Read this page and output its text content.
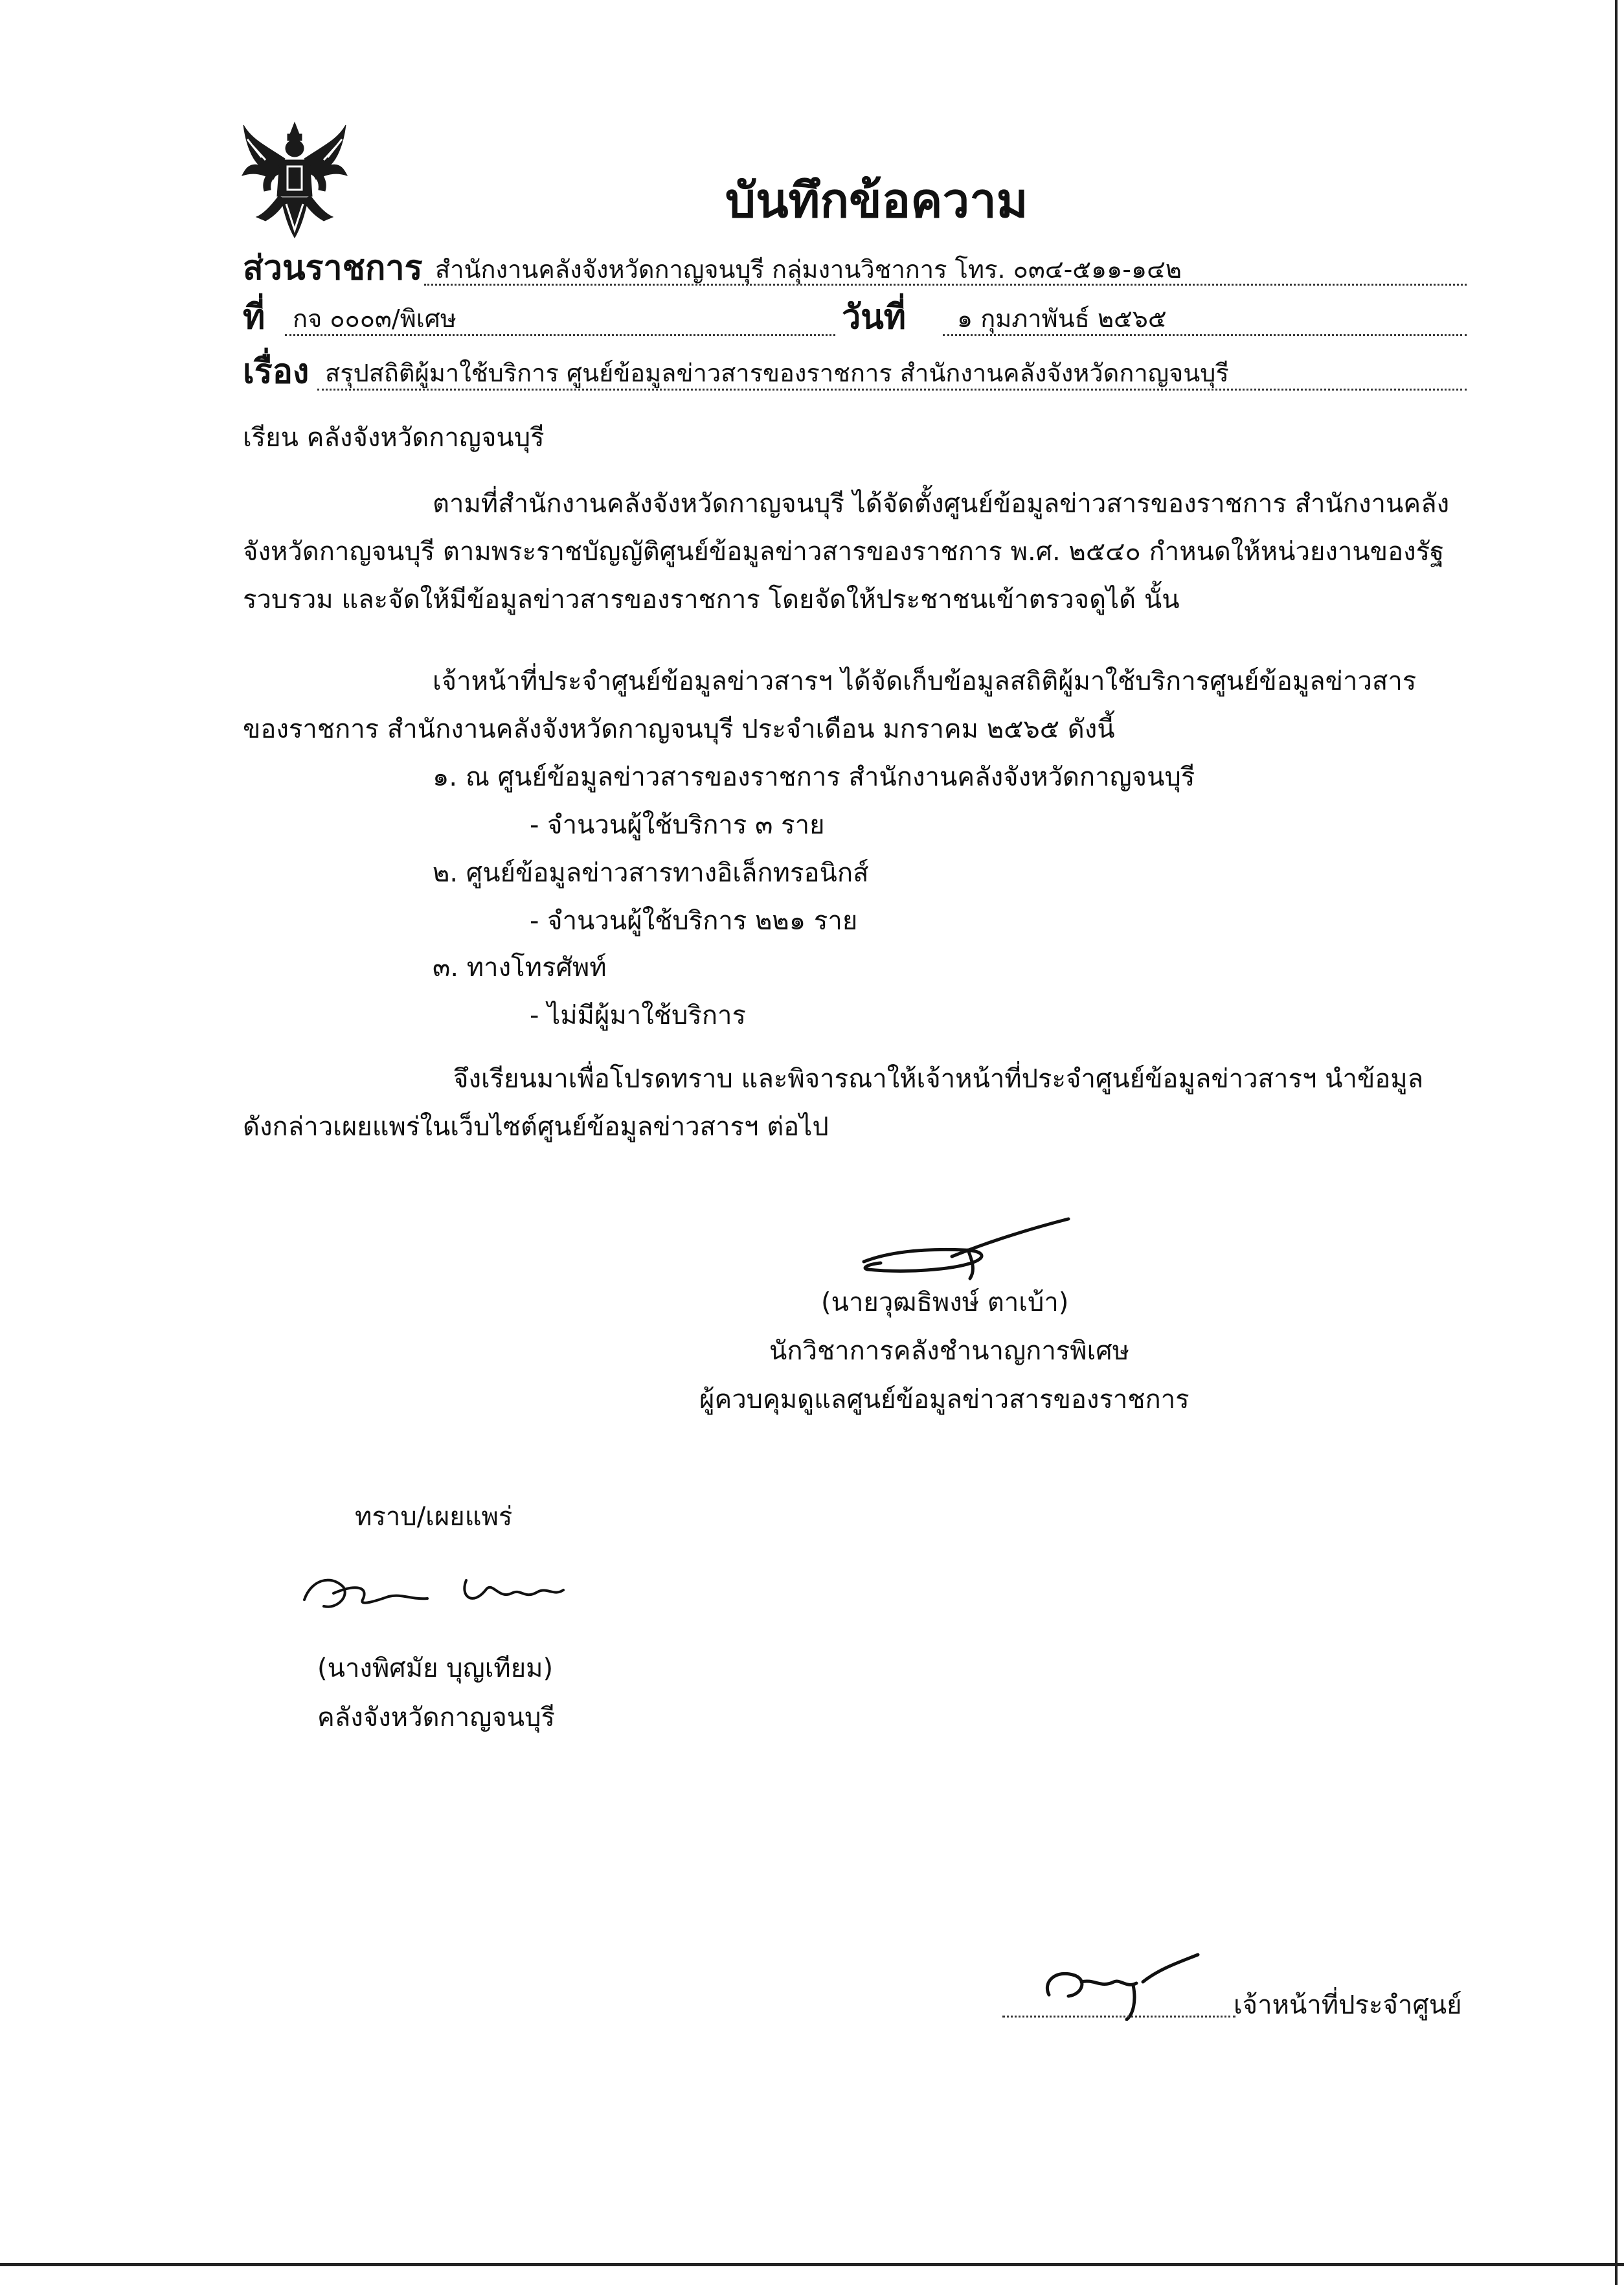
บันทึกข้อความ
ส่วนราชการ สำนักงานคลังจังหวัดกาญจนบุรี กลุ่มงานวิชาการ โทร. ๐๓๔-๕๑๑-๑๔๒
ที่ กจ ๐๐๐๓/พิเศษ	วันที่ ๑ กุมภาพันธ์ ๒๕๖๕
เรื่อง สรุปสถิติผู้มาใช้บริการ ศูนย์ข้อมูลข่าวสารของราชการ สำนักงานคลังจังหวัดกาญจนบุรี
เรียน คลังจังหวัดกาญจนบุรี
ตามที่สำนักงานคลังจังหวัดกาญจนบุรี ได้จัดตั้งศูนย์ข้อมูลข่าวสารของราชการ สำนักงานคลัง
จังหวัดกาญจนบุรี ตามพระราชบัญญัติศูนย์ข้อมูลข่าวสารของราชการ พ.ศ. ๒๕๔๐ กำหนดให้หน่วยงานของรัฐ
รวบรวม และจัดให้มีข้อมูลข่าวสารของราชการ โดยจัดให้ประชาชนเข้าตรวจดูได้ นั้น
เจ้าหน้าที่ประจำศูนย์ข้อมูลข่าวสารฯ ได้จัดเก็บข้อมูลสถิติผู้มาใช้บริการศูนย์ข้อมูลข่าวสาร
ของราชการ สำนักงานคลังจังหวัดกาญจนบุรี ประจำเดือน มกราคม ๒๕๖๕ ดังนี้
๑. ณ ศูนย์ข้อมูลข่าวสารของราชการ สำนักงานคลังจังหวัดกาญจนบุรี
- จำนวนผู้ใช้บริการ ๓ ราย
๒. ศูนย์ข้อมูลข่าวสารทางอิเล็กทรอนิกส์
- จำนวนผู้ใช้บริการ ๒๒๑ ราย
๓. ทางโทรศัพท์
- ไม่มีผู้มาใช้บริการ
จึงเรียนมาเพื่อโปรดทราบ และพิจารณาให้เจ้าหน้าที่ประจำศูนย์ข้อมูลข่าวสารฯ นำข้อมูล
ดังกล่าวเผยแพร่ในเว็บไซต์ศูนย์ข้อมูลข่าวสารฯ ต่อไป
(นายวุฒธิพงษ์ ตาเบ้า)
นักวิชาการคลังชำนาญการพิเศษ
ผู้ควบคุมดูแลศูนย์ข้อมูลข่าวสารของราชการ
ทราบ/เผยแพร่
(นางพิศมัย บุญเทียม)
คลังจังหวัดกาญจนบุรี
เจ้าหน้าที่ประจำศูนย์
